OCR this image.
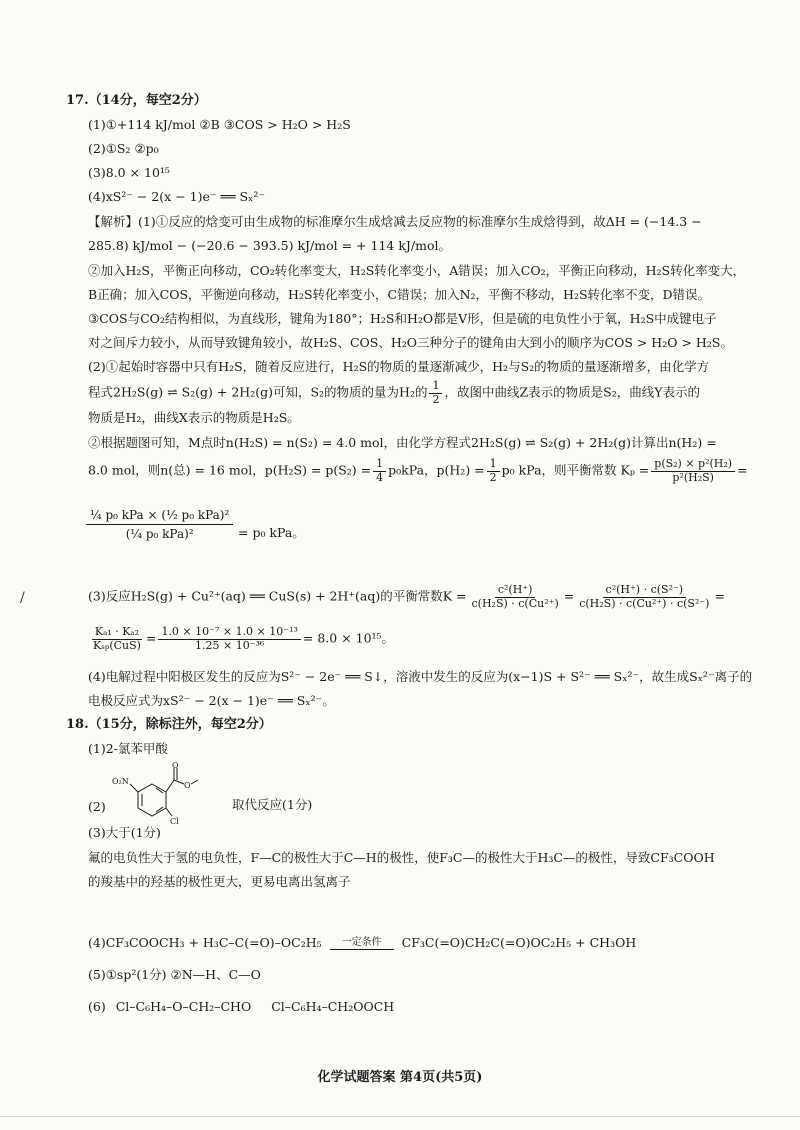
17.（14分，每空2分）
(1)①+114 kJ/mol ②B ③COS > H₂O > H₂S
(2)①S₂ ②p₀
(3)8.0 × 10¹⁵
(4)xS²⁻ − 2(x − 1)e⁻ ══ Sₓ²⁻
【解析】(1)①反应的焓变可由生成物的标准摩尔生成焓减去反应物的标准摩尔生成焓得到，故ΔH = (−14.3 −
285.8) kJ/mol − (−20.6 − 393.5) kJ/mol = + 114 kJ/mol。
②加入H₂S，平衡正向移动，CO₂转化率变大，H₂S转化率变小，A错误；加入CO₂，平衡正向移动，H₂S转化率变大，
B正确；加入COS，平衡逆向移动，H₂S转化率变小，C错误；加入N₂，平衡不移动，H₂S转化率不变，D错误。
③COS与CO₂结构相似，为直线形，键角为180°；H₂S和H₂O都是V形，但是硫的电负性小于氧，H₂S中成键电子
对之间斥力较小，从而导致键角较小，故H₂S、COS、H₂O三种分子的键角由大到小的顺序为COS > H₂O > H₂S。
(2)①起始时容器中只有H₂S，随着反应进行，H₂S的物质的量逐渐减少，H₂与S₂的物质的量逐渐增多，由化学方
程式2H₂S(g) ⇌ S₂(g) + 2H₂(g)可知，S₂的物质的量为H₂的 $\frac{1}{2}$ ，故图中曲线Z表示的物质是S₂，曲线Y表示的
物质是H₂，曲线X表示的物质是H₂S。
②根据题图可知，M点时n(H₂S) = n(S₂) = 4.0 mol，由化学方程式2H₂S(g) ⇌ S₂(g) + 2H₂(g)计算出n(H₂) =
8.0 mol，则n(总) = 16 mol，$p(H_2S) = p(S_2) = \frac{1}{4} p_0kPa$，$p(H_2) = \frac{1}{2} p_0$ kPa，则平衡常数 $K_p = \frac{\text{p(S₂) × p²(H₂)}}{\text{p²(H₂S)}}$ =
¼ p₀ kPa × (½ p₀ kPa)²
(¼ p₀ kPa)²	= p₀ kPa。
/	(3)反应H₂S(g) + Cu²⁺(aq) ══ CuS(s) + 2H⁺(aq)的平衡常数$K = \frac{\text{c²(H⁺)}}{\text{c(H₂S) · c(Cu²⁺)}} = \frac{\text{c²(H⁺) · c(S²⁻)}}{\text{c(H₂S) · c(Cu²⁺) · c(S²⁻)}}$ =
$\frac{\text{Kₐ₁ · Kₐ₂}}{\text{Kₛₚ(CuS)}} = \frac{\text{1.0 × 10⁻⁷ × 1.0 × 10⁻¹³}}{\text{1.25 × 10⁻³⁶}} = 8.0 \times 10^{15}$。
(4)电解过程中阳极区发生的反应为S²⁻ − 2e⁻ ══ S↓，溶液中发生的反应为(x−1)S + S²⁻ ══ Sₓ²⁻，故生成Sₓ²⁻离子的
电极反应式为xS²⁻ − 2(x − 1)e⁻ ══ Sₓ²⁻。
18.（15分，除标注外，每空2分）
(1)2-氯苯甲酸
(2)
O
O
Cl
O₂N
取代反应(1分)
(3)大于(1分)
氟的电负性大于氢的电负性，F—C的极性大于C—H的极性，使F₃C—的极性大于H₃C—的极性，导致CF₃COOH
的羧基中的羟基的极性更大，更易电离出氢离子
(4)CF₃COOCH₃ + H₃C–C(=O)–OC₂H₅ 一定条件 CF₃C(=O)CH₂C(=O)OC₂H₅ + CH₃OH
(5)①sp²(1分) ②N—H、C—O
(6) Cl–C₆H₄–O–CH₂–CHO Cl–C₆H₄–CH₂OOCH
化学试题答案 第4页(共5页)
